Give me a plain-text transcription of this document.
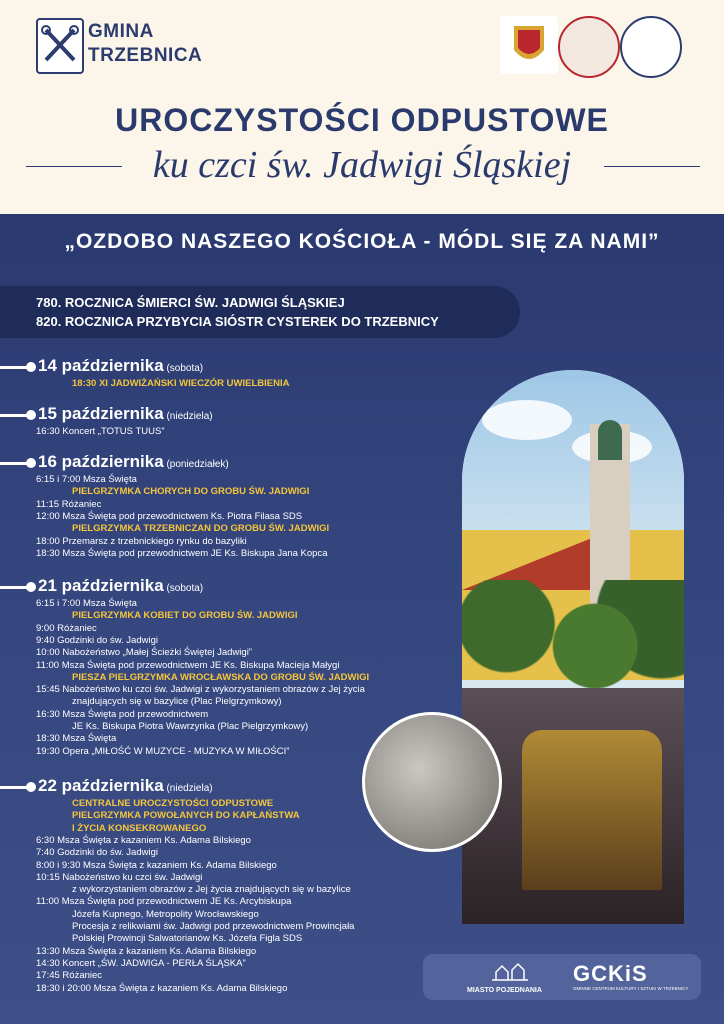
GMINA
TRZEBNICA
UROCZYSTOŚCI ODPUSTOWE
ku czci św. Jadwigi Śląskiej
„OZDOBO NASZEGO KOŚCIOŁA - MÓDL SIĘ ZA NAMI”
780. ROCZNICA ŚMIERCI ŚW. JADWIGI ŚLĄSKIEJ
820. ROCZNICA PRZYBYCIA SIÓSTR CYSTEREK DO TRZEBNICY
14 października (sobota)
18:30 XI JADWIŻAŃSKI WIECZÓR UWIELBIENIA
15 października (niedziela)
16:30 Koncert „TOTUS TUUS”
16 października (poniedziałek)
6:15 i 7:00 Msza Święta
PIELGRZYMKA CHORYCH DO GROBU ŚW. JADWIGI
11:15 Różaniec
12:00 Msza Święta pod przewodnictwem Ks. Piotra Filasa SDS
PIELGRZYMKA TRZEBNICZAN DO GROBU ŚW. JADWIGI
18:00 Przemarsz z trzebnickiego rynku do bazyliki
18:30 Msza Święta pod przewodnictwem JE Ks. Biskupa Jana Kopca
21 października (sobota)
6:15 i 7:00 Msza Święta
PIELGRZYMKA KOBIET DO GROBU ŚW. JADWIGI
9:00 Różaniec
9:40 Godzinki do św. Jadwigi
10:00 Nabożeństwo „Małej Ścieżki Świętej Jadwigi”
11:00 Msza Święta pod przewodnictwem JE Ks. Biskupa Macieja Małygi
PIESZA PIELGRZYMKA WROCŁAWSKA DO GROBU ŚW. JADWIGI
15:45 Nabożeństwo ku czci św. Jadwigi z wykorzystaniem obrazów z Jej życia
znajdujących się w bazylice (Plac Pielgrzymkowy)
16:30 Msza Święta pod przewodnictwem
JE Ks. Biskupa Piotra Wawrzynka (Plac Pielgrzymkowy)
18:30 Msza Święta
19:30 Opera „MIŁOŚĆ W MUZYCE - MUZYKA W MIŁOŚCI”
22 października (niedziela)
CENTRALNE UROCZYSTOŚCI ODPUSTOWE
PIELGRZYMKA POWOŁANYCH DO KAPŁAŃSTWA
I ŻYCIA KONSEKROWANEGO
6:30 Msza Święta z kazaniem Ks. Adama Bilskiego
7:40 Godzinki do św. Jadwigi
8:00 i 9:30 Msza Święta z kazaniem Ks. Adama Bilskiego
10:15 Nabożeństwo ku czci św. Jadwigi
z wykorzystaniem obrazów z Jej życia znajdujących się w bazylice
11:00 Msza Święta pod przewodnictwem JE Ks. Arcybiskupa
Józefa Kupnego, Metropolity Wrocławskiego
Procesja z relikwiami św. Jadwigi pod przewodnictwem Prowincjała
Polskiej Prowincji Salwatorianów Ks. Józefa Figla SDS
13:30 Msza Święta z kazaniem Ks. Adama Bilskiego
14:30 Koncert „ŚW. JADWIGA - PERŁA ŚLĄSKA”
17:45 Różaniec
18:30 i 20:00 Msza Święta z kazaniem Ks. Adama Bilskiego	MIASTO POJEDNANIA
GCKiS
GMINNE CENTRUM KULTURY I SZTUKI W TRZEBNICY
